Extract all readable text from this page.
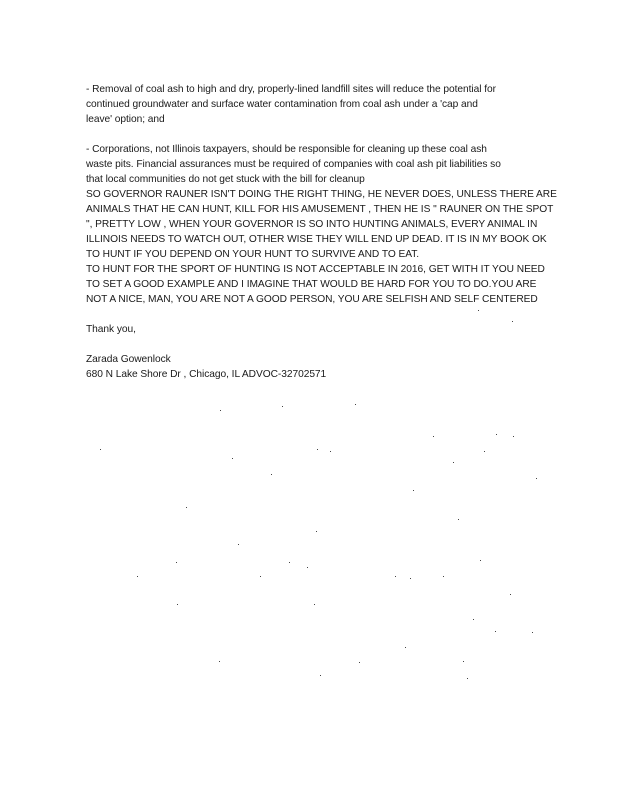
- Removal of coal ash to high and dry, properly-lined landfill sites will reduce the potential for
continued groundwater and surface water contamination from coal ash under a 'cap and
leave' option; and

- Corporations, not Illinois taxpayers, should be responsible for cleaning up these coal ash
waste pits. Financial assurances must be required of companies with coal ash pit liabilities so
that local communities do not get stuck with the bill for cleanup

SO GOVERNOR RAUNER ISN'T DOING THE RIGHT THING, HE NEVER DOES, UNLESS THERE ARE
ANIMALS THAT HE CAN HUNT, KILL FOR HIS AMUSEMENT , THEN HE IS " RAUNER ON THE SPOT
", PRETTY LOW , WHEN YOUR GOVERNOR IS SO INTO HUNTING ANIMALS, EVERY ANIMAL IN
ILLINOIS NEEDS TO WATCH OUT, OTHER WISE THEY WILL END UP DEAD. IT IS IN MY BOOK OK
TO HUNT IF YOU DEPEND ON YOUR HUNT TO SURVIVE AND TO EAT.
TO HUNT FOR THE SPORT OF HUNTING IS NOT ACCEPTABLE IN 2016, GET WITH IT YOU NEED
TO SET A GOOD EXAMPLE AND I IMAGINE THAT WOULD BE HARD FOR YOU TO DO.YOU ARE
NOT A NICE, MAN, YOU ARE NOT A GOOD PERSON, YOU ARE SELFISH AND SELF CENTERED

Thank you,

Zarada Gowenlock

680 N Lake Shore Dr , Chicago, IL ADVOC-32702571
